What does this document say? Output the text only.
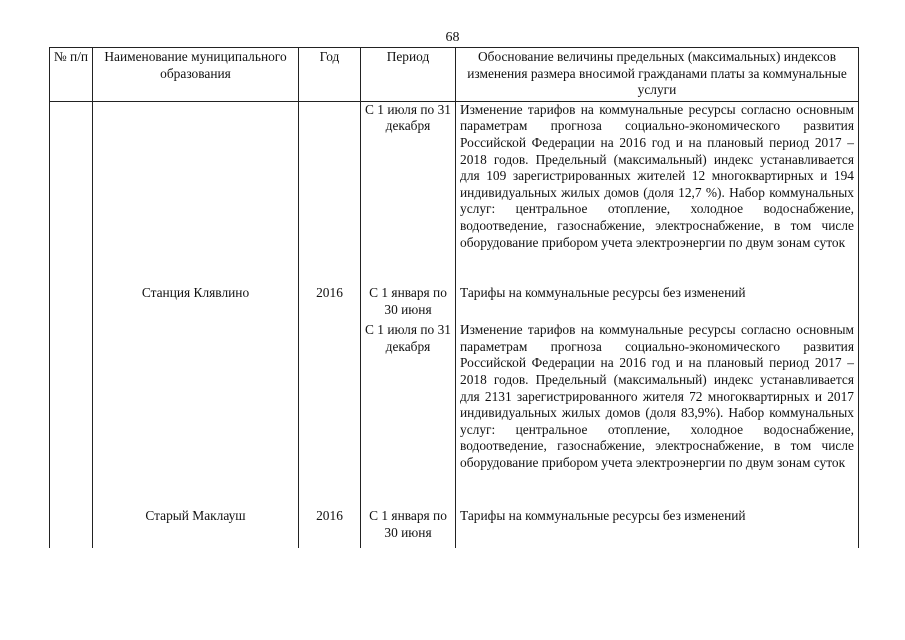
68
№ п/п	Наименование муниципального образования	Год	Период	Обоснование величины предельных (максимальных) индексов изменения размера вносимой гражданами платы за коммунальные услуги
			С 1 июля по 31 декабря	Изменение тарифов на коммунальные ресурсы согласно основным параметрам прогноза социально-экономического развития Российской Федерации на 2016 год и на плановый период 2017 – 2018 годов. Предельный (максимальный) индекс устанавливается для 109 зарегистрированных жителей 12 многоквартирных и 194 индивидуальных жилых домов (доля 12,7 %). Набор коммунальных услуг: центральное отопление, холодное водоснабжение, водоотведение, газоснабжение, электроснабжение, в том числе оборудование прибором учета электроэнергии по двум зонам суток
	Станция Клявлино	2016	С 1 января по 30 июня	Тарифы на коммунальные ресурсы без изменений
			С 1 июля по 31 декабря	Изменение тарифов на коммунальные ресурсы согласно основным параметрам прогноза социально-экономического развития Российской Федерации на 2016 год и на плановый период 2017 – 2018 годов. Предельный (максимальный) индекс устанавливается для 2131 зарегистрированного жителя 72 многоквартирных и 2017 индивидуальных жилых домов (доля 83,9%). Набор коммунальных услуг: центральное отопление, холодное водоснабжение, водоотведение, газоснабжение, электроснабжение, в том числе оборудование прибором учета электроэнергии по двум зонам суток
	Старый Маклауш	2016	С 1 января по 30 июня	Тарифы на коммунальные ресурсы без изменений
